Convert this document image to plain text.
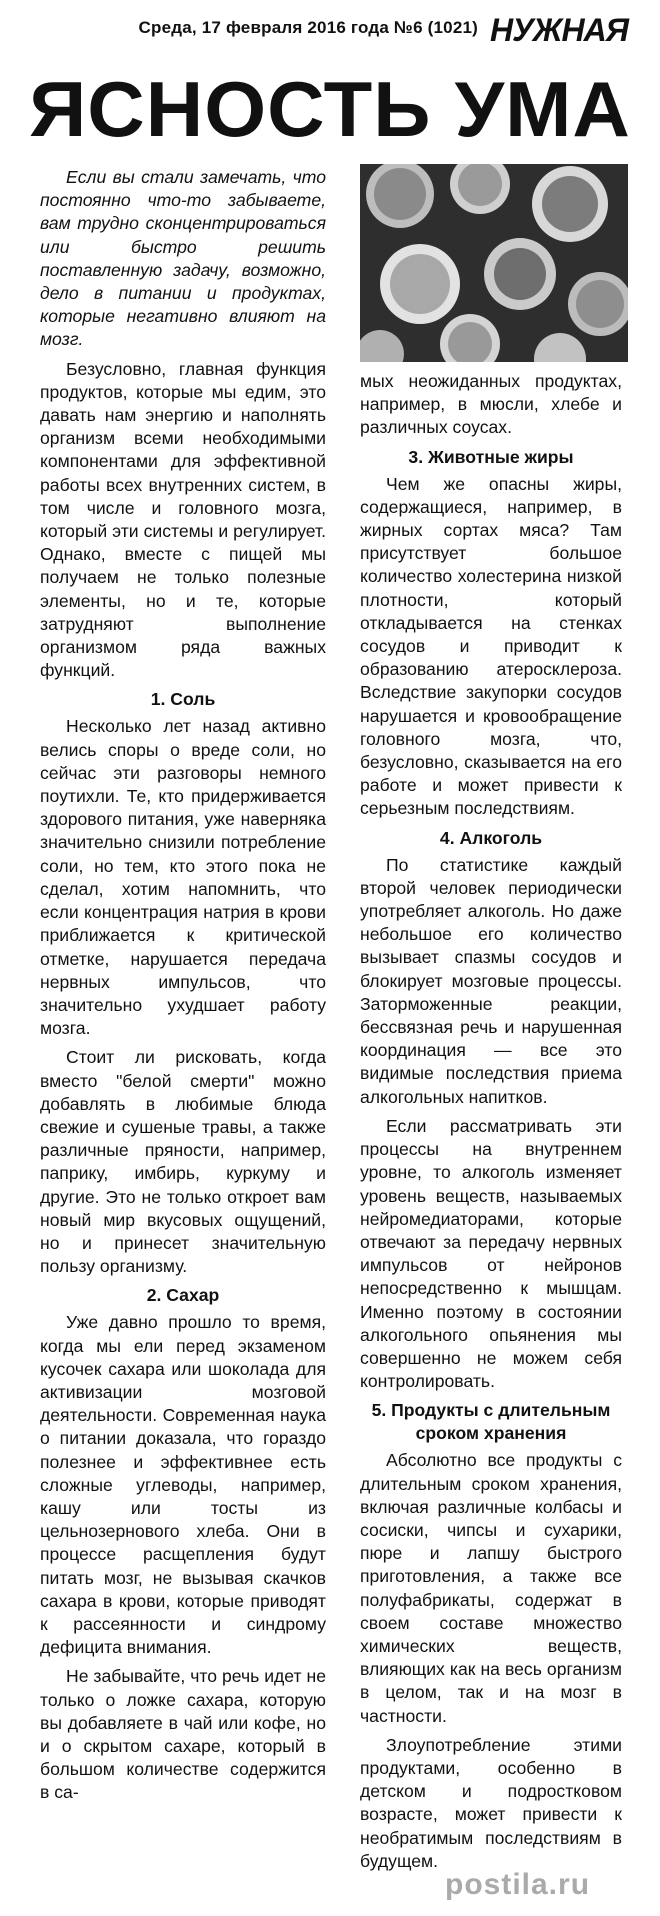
Среда, 17 февраля 2016 года №6 (1021) НУЖНАЯ
ЯСНОСТЬ УМА

Если вы стали замечать, что постоянно что-то забываете, вам трудно сконцентрироваться или быстро решить поставленную задачу, возможно, дело в питании и продуктах, которые негативно влияют на мозг.

Безусловно, главная функция продуктов, которые мы едим, это давать нам энергию и наполнять организм всеми необходимыми компонентами для эффективной работы всех внутренних систем, в том числе и головного мозга, который эти системы и регулирует. Однако, вместе с пищей мы получаем не только полезные элементы, но и те, которые затрудняют выполнение организмом ряда важных функций.

1. Соль

Несколько лет назад активно велись споры о вреде соли, но сейчас эти разговоры немного поутихли. Те, кто придерживается здорового питания, уже наверняка значительно снизили потребление соли, но тем, кто этого пока не сделал, хотим напомнить, что если концентрация натрия в крови приближается к критической отметке, нарушается передача нервных импульсов, что значительно ухудшает работу мозга.

Стоит ли рисковать, когда вместо "белой смерти" можно добавлять в любимые блюда свежие и сушеные травы, а также различные пряности, например, паприку, имбирь, куркуму и другие. Это не только откроет вам новый мир вкусовых ощущений, но и принесет значительную пользу организму.

2. Сахар

Уже давно прошло то время, когда мы ели перед экзаменом кусочек сахара или шоколада для активизации мозговой деятельности. Современная наука о питании доказала, что гораздо полезнее и эффективнее есть сложные углеводы, например, кашу или тосты из цельнозернового хлеба. Они в процессе расщепления будут питать мозг, не вызывая скачков сахара в крови, которые приводят к рассеянности и синдрому дефицита внимания.

Не забывайте, что речь идет не только о ложке сахара, которую вы добавляете в чай или кофе, но и о скрытом сахаре, который в большом количестве содержится в са-

мых неожиданных продуктах, например, в мюсли, хлебе и различных соусах.

3. Животные жиры

Чем же опасны жиры, содержащиеся, например, в жирных сортах мяса? Там присутствует большое количество холестерина низкой плотности, который откладывается на стенках сосудов и приводит к образованию атеросклероза. Вследствие закупорки сосудов нарушается и кровообращение головного мозга, что, безусловно, сказывается на его работе и может привести к серьезным последствиям.

4. Алкоголь

По статистике каждый второй человек периодически употребляет алкоголь. Но даже небольшое его количество вызывает спазмы сосудов и блокирует мозговые процессы. Заторможенные реакции, бессвязная речь и нарушенная координация — все это видимые последствия приема алкогольных напитков.

Если рассматривать эти процессы на внутреннем уровне, то алкоголь изменяет уровень веществ, называемых нейромедиаторами, которые отвечают за передачу нервных импульсов от нейронов непосредственно к мышцам. Именно поэтому в состоянии алкогольного опьянения мы совершенно не можем себя контролировать.

5. Продукты с длительным сроком хранения

Абсолютно все продукты с длительным сроком хранения, включая различные колбасы и сосиски, чипсы и сухарики, пюре и лапшу быстрого приготовления, а также все полуфабрикаты, содержат в своем составе множество химических веществ, влияющих как на весь организм в целом, так и на мозг в частности.

Злоупотребление этими продуктами, особенно в детском и подростковом возрасте, может привести к необратимым последствиям в будущем.

postila.ru
